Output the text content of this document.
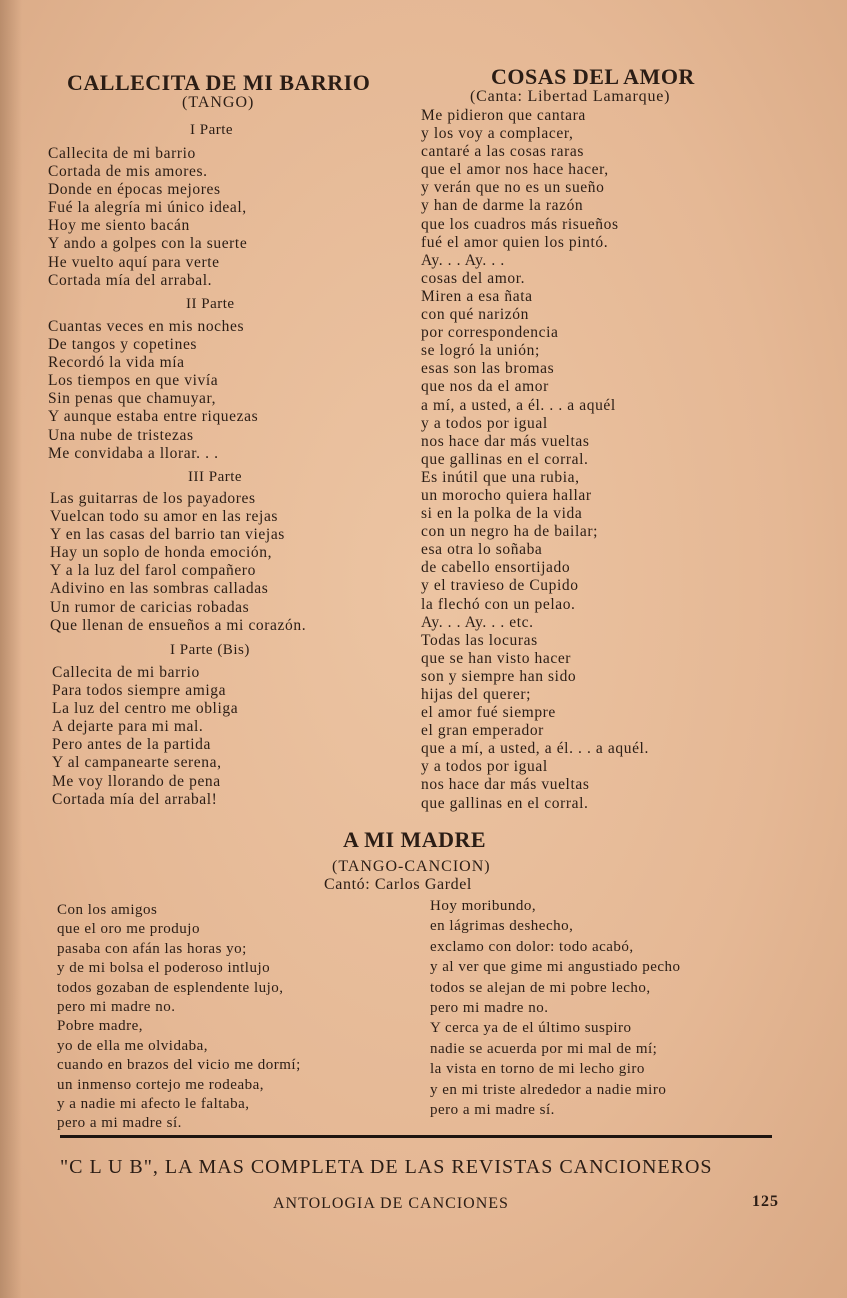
CALLECITA DE MI BARRIO
(TANGO)
I Parte
Callecita de mi barrio
Cortada de mis amores.
Donde en épocas mejores
Fué la alegría mi único ideal,
Hoy me siento bacán
Y ando a golpes con la suerte
He vuelto aquí para verte
Cortada mía del arrabal.
II Parte
Cuantas veces en mis noches
De tangos y copetines
Recordó la vida mía
Los tiempos en que vivía
Sin penas que chamuyar,
Y aunque estaba entre riquezas
Una nube de tristezas
Me convidaba a llorar. . .
III Parte
Las guitarras de los payadores
Vuelcan todo su amor en las rejas
Y en las casas del barrio tan viejas
Hay un soplo de honda emoción,
Y a la luz del farol compañero
Adivino en las sombras calladas
Un rumor de caricias robadas
Que llenan de ensueños a mi corazón.
I Parte (Bis)
Callecita de mi barrio
Para todos siempre amiga
La luz del centro me obliga
A dejarte para mi mal.
Pero antes de la partida
Y al campanearte serena,
Me voy llorando de pena
Cortada mía del arrabal!
COSAS DEL AMOR
(Canta: Libertad Lamarque)
Me pidieron que cantara
y los voy a complacer,
cantaré a las cosas raras
que el amor nos hace hacer,
y verán que no es un sueño
y han de darme la razón
que los cuadros más risueños
fué el amor quien los pintó.
Ay. . . Ay. . .
cosas del amor.
Miren a esa ñata
con qué narizón
por correspondencia
se logró la unión;
esas son las bromas
que nos da el amor
a mí, a usted, a él. . . a aquél
y a todos por igual
nos hace dar más vueltas
que gallinas en el corral.
Es inútil que una rubia,
un morocho quiera hallar
si en la polka de la vida
con un negro ha de bailar;
esa otra lo soñaba
de cabello ensortijado
y el travieso de Cupido
la flechó con un pelao.
Ay. . . Ay. . . etc.
Todas las locuras
que se han visto hacer
son y siempre han sido
hijas del querer;
el amor fué siempre
el gran emperador
que a mí, a usted, a él. . . a aquél.
y a todos por igual
nos hace dar más vueltas
que gallinas en el corral.
A MI MADRE
(TANGO-CANCION)
Cantó: Carlos Gardel
Con los amigos
que el oro me produjo
pasaba con afán las horas yo;
y de mi bolsa el poderoso intlujo
todos gozaban de esplendente lujo,
pero mi madre no.
Pobre madre,
yo de ella me olvidaba,
cuando en brazos del vicio me dormí;
un inmenso cortejo me rodeaba,
y a nadie mi afecto le faltaba,
pero a mi madre sí.
Hoy moribundo,
en lágrimas deshecho,
exclamo con dolor: todo acabó,
y al ver que gime mi angustiado pecho
todos se alejan de mi pobre lecho,
pero mi madre no.
Y cerca ya de el último suspiro
nadie se acuerda por mi mal de mí;
la vista en torno de mi lecho giro
y en mi triste alrededor a nadie miro
pero a mi madre sí.
"C L U B", LA MAS COMPLETA DE LAS REVISTAS CANCIONEROS
ANTOLOGIA DE CANCIONES	125
